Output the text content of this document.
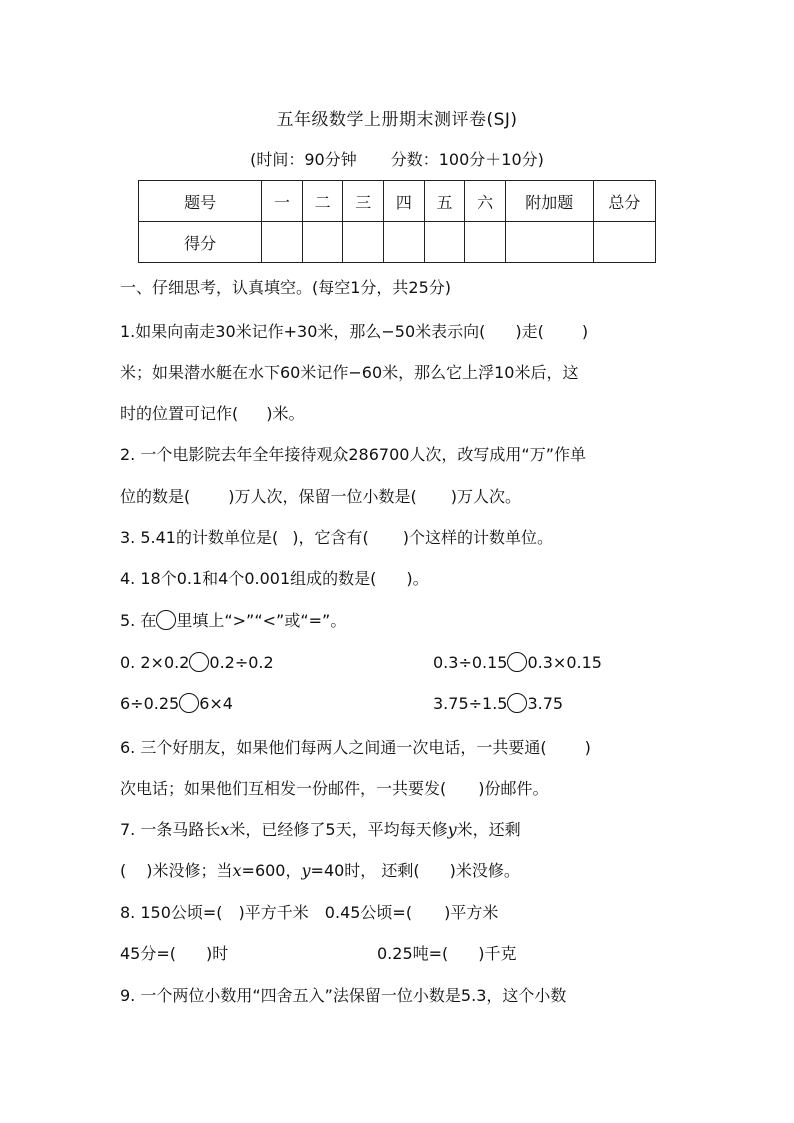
五年级数学上册期末测评卷(SJ)
(时间：90分钟 分数：100分＋10分)
题号	一	二	三	四	五	六	附加题	总分
得分								
一、仔细思考，认真填空。(每空1分，共25分)
1.如果向南走30米记作+30米，那么−50米表示向( )走( )
米；如果潜水艇在水下60米记作−60米，那么它上浮10米后，这
时的位置可记作( )米。
2. 一个电影院去年全年接待观众286700人次，改写成用“万”作单
位的数是( )万人次，保留一位小数是( )万人次。
3. 5.41的计数单位是( )，它含有( )个这样的计数单位。
4. 18个0.1和4个0.001组成的数是( )。
5. 在 里填上“>”“<”或“=”。
0. 2×0.2 0.2÷0.2	0.3÷0.15 0.3×0.15
6÷0.25 6×4	3.75÷1.5 3.75
6. 三个好朋友，如果他们每两人之间通一次电话，一共要通( )
次电话；如果他们互相发一份邮件，一共要发( )份邮件。
7. 一条马路长x米，已经修了5天，平均每天修y米，还剩
( )米没修；当x=600，y=40时， 还剩( )米没修。
8. 150公顷=( )平方千米 0.45公顷=( )平方米
45分=( )时	0.25吨=( )千克
9. 一个两位小数用“四舍五入”法保留一位小数是5.3，这个小数
